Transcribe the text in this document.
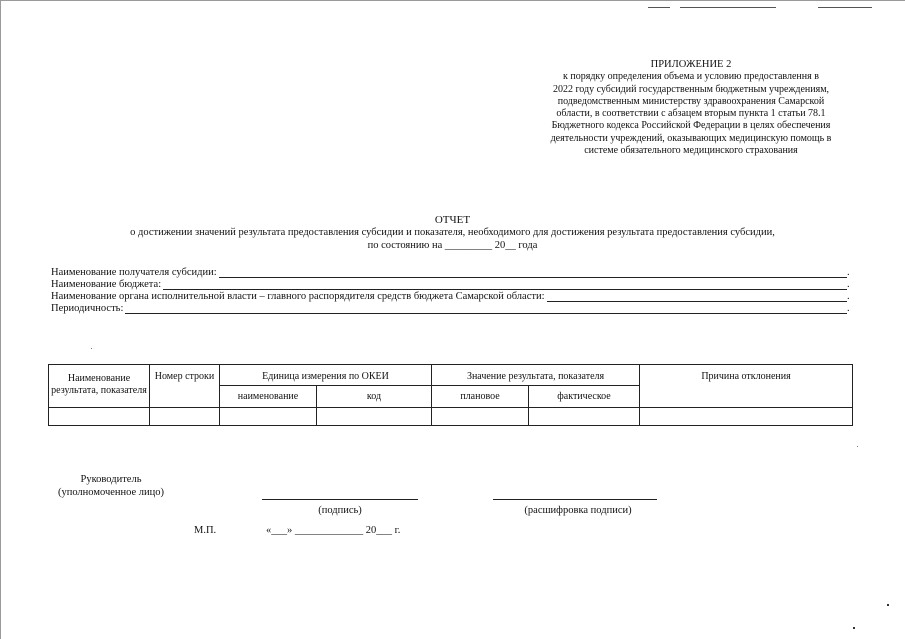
ПРИЛОЖЕНИЕ 2
к порядку определения объема и условию предоставлення в
2022 году субсидий государственным бюджетным учреждениям,
подведомственным министерству здравоохранения Самарской
области, в соответствии с абзацем вторым пункта 1 статьи 78.1
Бюджетного кодекса Российской Федерации в целях обеспечения
деятельности учреждений, оказывающих медицинскую помощь в
системе обязательного медицинского страхования
ОТЧЕТ
о достижении значений результата предоставления субсидии и показателя, необходимого для достижения результата предоставления субсидии,
по состоянию на _________ 20__ года
Наименование получателя субсидии:	.
Наименование бюджета:	.
Наименование органа исполнительной власти – главного распорядителя средств бюджета Самарской области:	.
Периодичность:	.
Наименование результата, показателя	Номер строки	Единица измерения по ОКЕИ		Значение результата, показателя		Причина отклонения
		наименование	код	плановое	фактическое	

Руководитель
(уполномоченное лицо)
(подпись)	(расшифровка подписи)
М.П.	«___» _____________ 20___ г.
